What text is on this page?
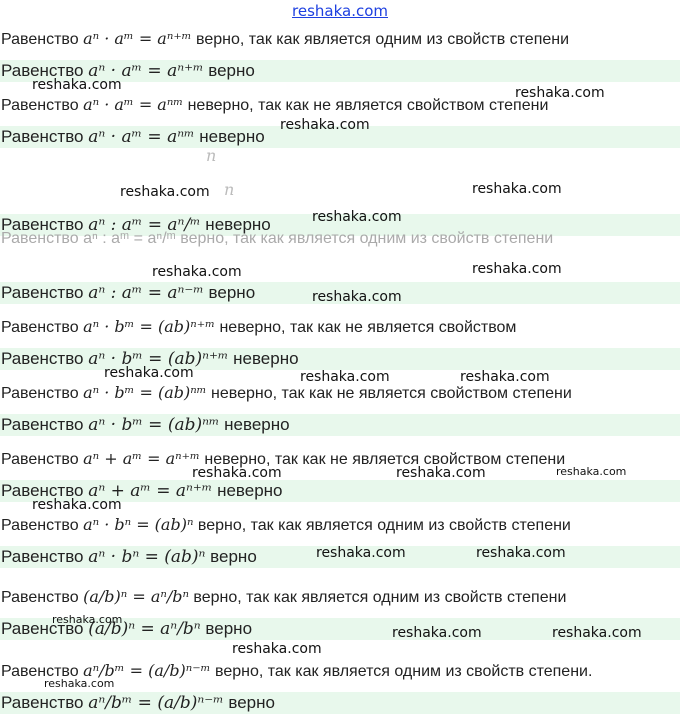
reshaka.com
Равенство aⁿ · aᵐ = aⁿ⁺ᵐ верно, так как является одним из свойств степени
Равенство aⁿ · aᵐ = aⁿ⁺ᵐ верно
Равенство aⁿ · aᵐ = aⁿᵐ неверно, так как не является свойством степени
Равенство aⁿ · aᵐ = aⁿᵐ неверно
Равенство aⁿ : aᵐ = aⁿ/ᵐ неверно
Равенство aⁿ : aᵐ = aⁿ⁻ᵐ верно
Равенство aⁿ · bᵐ = (ab)ⁿ⁺ᵐ неверно, так как не является свойством
Равенство aⁿ · bᵐ = (ab)ⁿ⁺ᵐ неверно
Равенство aⁿ · bᵐ = (ab)ⁿᵐ неверно, так как не является свойством степени
Равенство aⁿ · bᵐ = (ab)ⁿᵐ неверно
Равенство aⁿ + aᵐ = aⁿ⁺ᵐ неверно, так как не является свойством степени
Равенство aⁿ + aᵐ = aⁿ⁺ᵐ неверно
Равенство aⁿ · bⁿ = (ab)ⁿ верно, так как является одним из свойств степени
Равенство aⁿ · bⁿ = (ab)ⁿ верно
Равенство (a/b)ⁿ = aⁿ/bⁿ верно, так как является одним из свойств степени
Равенство (a/b)ⁿ = aⁿ/bⁿ верно
Равенство aⁿ/bᵐ = (a/b)ⁿ⁻ᵐ верно, так как является одним из свойств степени.
Равенство aⁿ/bᵐ = (a/b)ⁿ⁻ᵐ верно
Равенство aⁿ : aᵐ = aⁿ/ᵐ верно, так как является одним из свойств степени
n
n
reshaka.com	reshaka.com
reshaka.com
reshaka.com	reshaka.com
reshaka.com
reshaka.com	reshaka.com
reshaka.com
reshaka.com	reshaka.com	reshaka.com
reshaka.com	reshaka.com	reshaka.com
reshaka.com
reshaka.com	reshaka.com
reshaka.com
reshaka.com	reshaka.com
reshaka.com
reshaka.com
